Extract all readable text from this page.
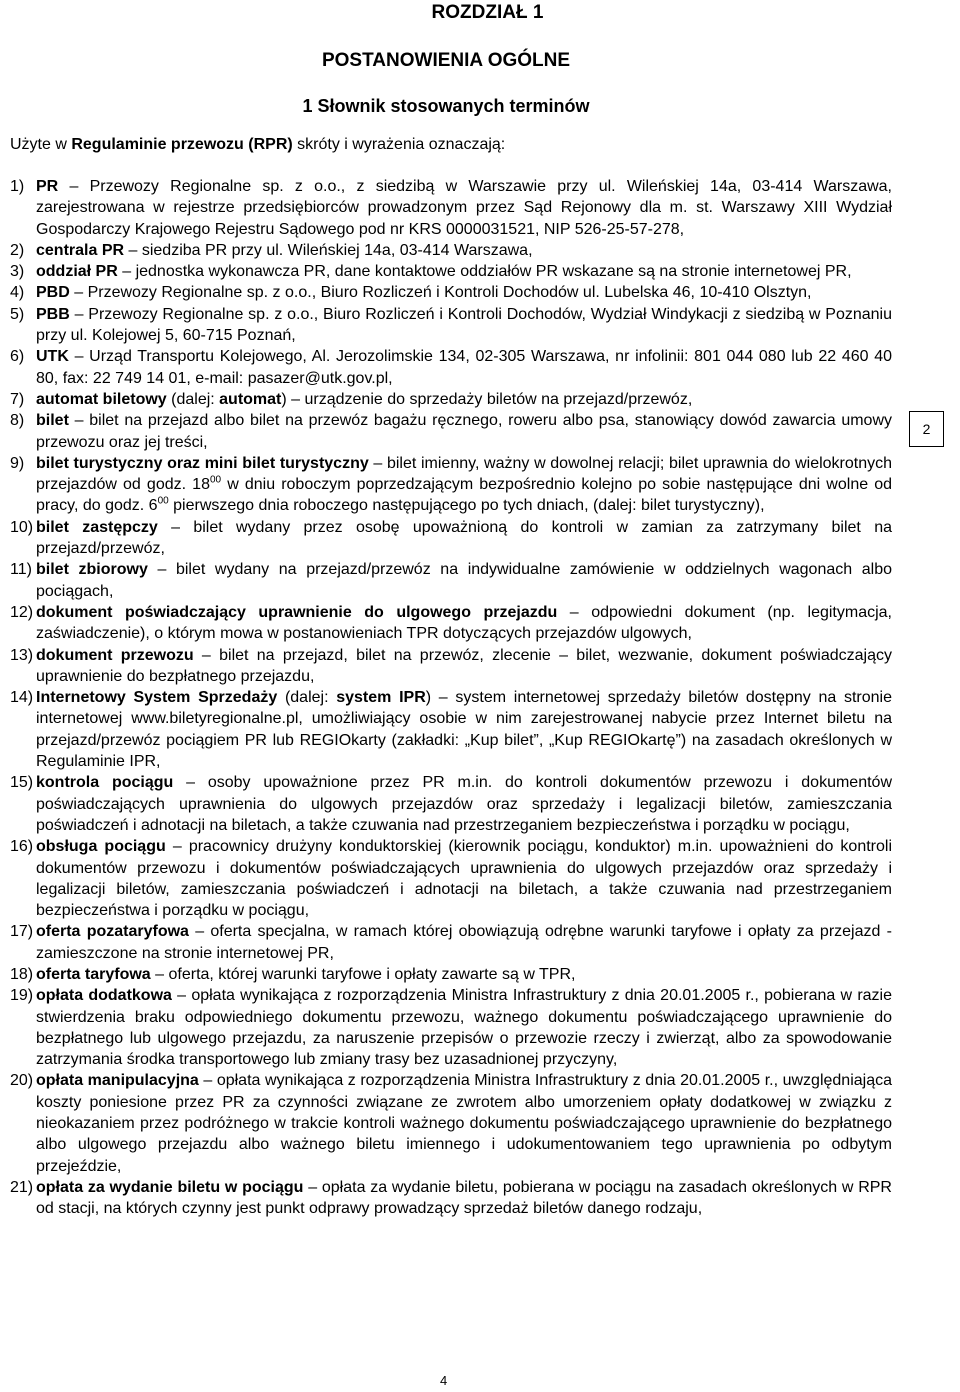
ROZDZIAŁ 1
POSTANOWIENIA OGÓLNE
1 Słownik stosowanych terminów
Użyte w Regulaminie przewozu (RPR) skróty i wyrażenia oznaczają:
1) PR – Przewozy Regionalne sp. z o.o., z siedzibą w Warszawie przy ul. Wileńskiej 14a, 03-414 Warszawa, zarejestrowana w rejestrze przedsiębiorców prowadzonym przez Sąd Rejonowy dla m. st. Warszawy XIII Wydział Gospodarczy Krajowego Rejestru Sądowego pod nr KRS 0000031521, NIP 526-25-57-278,
2) centrala PR – siedziba PR przy ul. Wileńskiej 14a, 03-414 Warszawa,
3) oddział PR – jednostka wykonawcza PR, dane kontaktowe oddziałów PR wskazane są na stronie internetowej PR,
4) PBD – Przewozy Regionalne sp. z o.o., Biuro Rozliczeń i Kontroli Dochodów ul. Lubelska 46, 10-410 Olsztyn,
5) PBB – Przewozy Regionalne sp. z o.o., Biuro Rozliczeń i Kontroli Dochodów, Wydział Windykacji z siedzibą w Poznaniu przy ul. Kolejowej 5, 60-715 Poznań,
6) UTK – Urząd Transportu Kolejowego, Al. Jerozolimskie 134, 02-305 Warszawa, nr infolinii: 801 044 080 lub 22 460 40 80, fax: 22 749 14 01, e-mail: pasazer@utk.gov.pl,
7) automat biletowy (dalej: automat) – urządzenie do sprzedaży biletów na przejazd/przewóz,
8) bilet – bilet na przejazd albo bilet na przewóz bagażu ręcznego, roweru albo psa, stanowiący dowód zawarcia umowy przewozu oraz jej treści,
9) bilet turystyczny oraz mini bilet turystyczny – bilet imienny, ważny w dowolnej relacji; bilet uprawnia do wielokrotnych przejazdów od godz. $18^{00}$ w dniu roboczym poprzedzającym bezpośrednio kolejno po sobie następujące dni wolne od pracy, do godz. $6^{00}$ pierwszego dnia roboczego następującego po tych dniach, (dalej: bilet turystyczny),
10) bilet zastępczy – bilet wydany przez osobę upoważnioną do kontroli w zamian za zatrzymany bilet na przejazd/przewóz,
11) bilet zbiorowy – bilet wydany na przejazd/przewóz na indywidualne zamówienie w oddzielnych wagonach albo pociągach,
12) dokument poświadczający uprawnienie do ulgowego przejazdu – odpowiedni dokument (np. legitymacja, zaświadczenie), o którym mowa w postanowieniach TPR dotyczących przejazdów ulgowych,
13) dokument przewozu – bilet na przejazd, bilet na przewóz, zlecenie – bilet, wezwanie, dokument poświadczający uprawnienie do bezpłatnego przejazdu,
14) Internetowy System Sprzedaży (dalej: system IPR) – system internetowej sprzedaży biletów dostępny na stronie internetowej www.biletyregionalne.pl, umożliwiający osobie w nim zarejestrowanej nabycie przez Internet biletu na przejazd/przewóz pociągiem PR lub REGIOkarty (zakładki: „Kup bilet”, „Kup REGIOkartę”) na zasadach określonych w Regulaminie IPR,
15) kontrola pociągu – osoby upoważnione przez PR m.in. do kontroli dokumentów przewozu i dokumentów poświadczających uprawnienia do ulgowych przejazdów oraz sprzedaży i legalizacji biletów, zamieszczania poświadczeń i adnotacji na biletach, a także czuwania nad przestrzeganiem bezpieczeństwa i porządku w pociągu,
16) obsługa pociągu – pracownicy drużyny konduktorskiej (kierownik pociągu, konduktor) m.in. upoważnieni do kontroli dokumentów przewozu i dokumentów poświadczających uprawnienia do ulgowych przejazdów oraz sprzedaży i legalizacji biletów, zamieszczania poświadczeń i adnotacji na biletach, a także czuwania nad przestrzeganiem bezpieczeństwa i porządku w pociągu,
17) oferta pozataryfowa – oferta specjalna, w ramach której obowiązują odrębne warunki taryfowe i opłaty za przejazd - zamieszczone na stronie internetowej PR,
18) oferta taryfowa – oferta, której warunki taryfowe i opłaty zawarte są w TPR,
19) opłata dodatkowa – opłata wynikająca z rozporządzenia Ministra Infrastruktury z dnia 20.01.2005 r., pobierana w razie stwierdzenia braku odpowiedniego dokumentu przewozu, ważnego dokumentu poświadczającego uprawnienie do bezpłatnego lub ulgowego przejazdu, za naruszenie przepisów o przewozie rzeczy i zwierząt, albo za spowodowanie zatrzymania środka transportowego lub zmiany trasy bez uzasadnionej przyczyny,
20) opłata manipulacyjna – opłata wynikająca z rozporządzenia Ministra Infrastruktury z dnia 20.01.2005 r., uwzględniająca koszty poniesione przez PR za czynności związane ze zwrotem albo umorzeniem opłaty dodatkowej w związku z nieokazaniem przez podróżnego w trakcie kontroli ważnego dokumentu poświadczającego uprawnienie do bezpłatnego albo ulgowego przejazdu albo ważnego biletu imiennego i udokumentowaniem tego uprawnienia po odbytym przejeździe,
21) opłata za wydanie biletu w pociągu – opłata za wydanie biletu, pobierana w pociągu na zasadach określonych w RPR od stacji, na których czynny jest punkt odprawy prowadzący sprzedaż biletów danego rodzaju,
2
4
